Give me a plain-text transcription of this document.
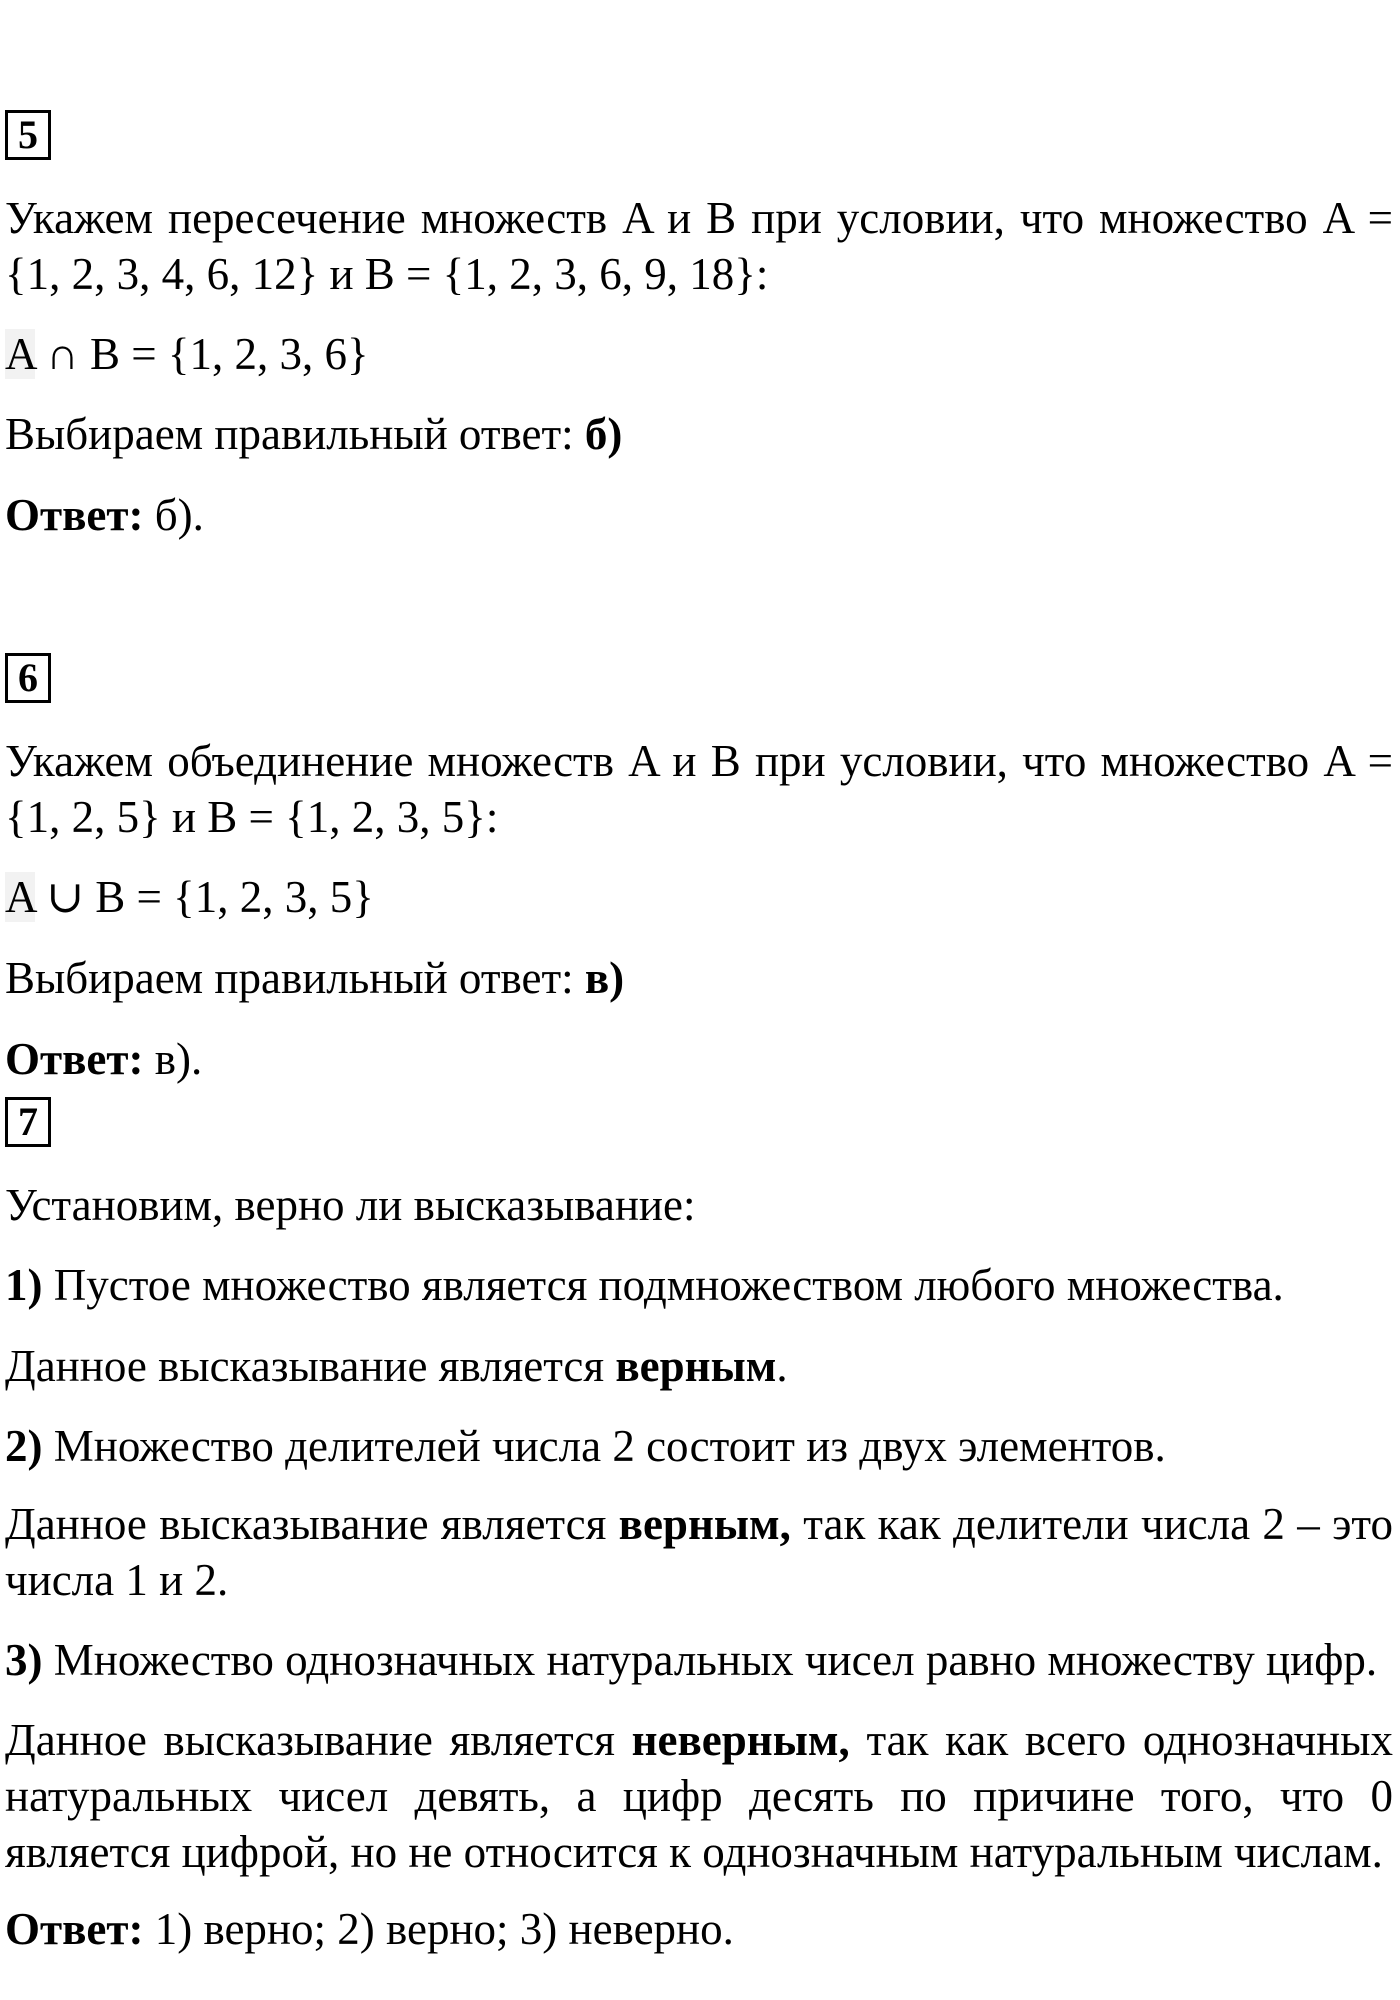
5
Укажем пересечение множеств A и B при условии, что множество A = {1, 2, 3, 4, 6, 12} и B = {1, 2, 3, 6, 9, 18}:
A ∩ B = {1, 2, 3, 6}
Выбираем правильный ответ: б)
Ответ: б).
6
Укажем объединение множеств A и B при условии, что множество A = {1, 2, 5} и B = {1, 2, 3, 5}:
A ∪ B = {1, 2, 3, 5}
Выбираем правильный ответ: в)
Ответ: в).
7
Установим, верно ли высказывание:
1) Пустое множество является подмножеством любого множества.
Данное высказывание является верным.
2) Множество делителей числа 2 состоит из двух элементов.
Данное высказывание является верным, так как делители числа 2 – это числа 1 и 2.
3) Множество однозначных натуральных чисел равно множеству цифр.
Данное высказывание является неверным, так как всего однозначных натуральных чисел девять, а цифр десять по причине того, что 0 является цифрой, но не относится к однозначным натуральным числам.
Ответ: 1) верно; 2) верно; 3) неверно.
